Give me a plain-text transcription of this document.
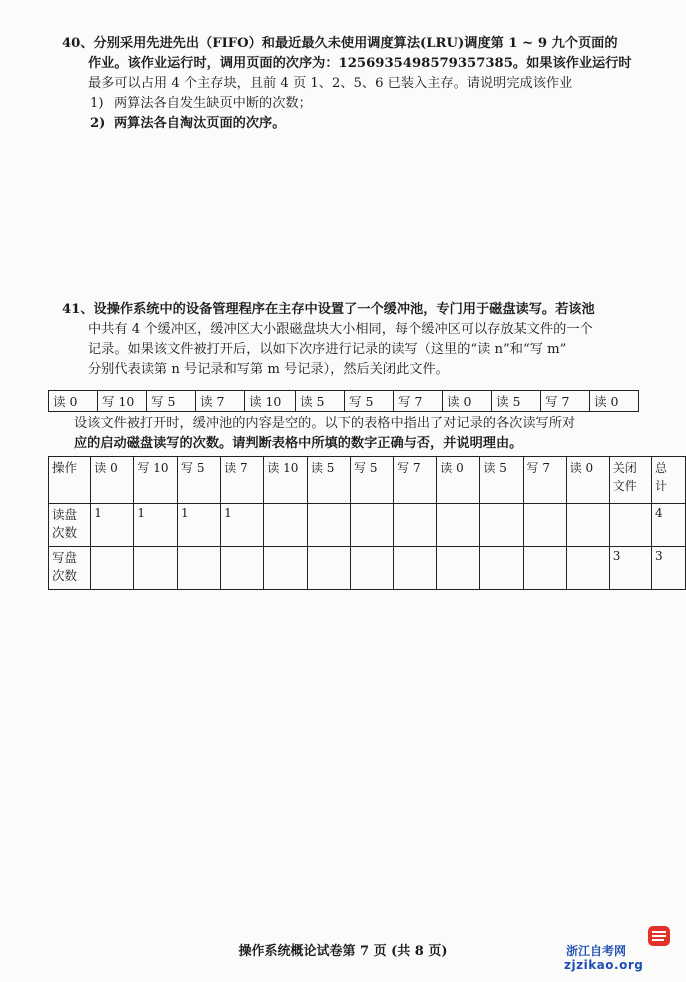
40、分别采用先进先出（FIFO）和最近最久未使用调度算法(LRU)调度第 1 ~ 9 九个页面的
作业。该作业运行时，调用页面的次序为：1256935498579357385。如果该作业运行时
最多可以占用 4 个主存块，且前 4 页 1、2、5、6 已装入主存。请说明完成该作业
1) 两算法各自发生缺页中断的次数；
2) 两算法各自淘汰页面的次序。
41、设操作系统中的设备管理程序在主存中设置了一个缓冲池，专门用于磁盘读写。若该池
中共有 4 个缓冲区，缓冲区大小跟磁盘块大小相同，每个缓冲区可以存放某文件的一个
记录。如果该文件被打开后，以如下次序进行记录的读写（这里的“读 n”和“写 m”
分别代表读第 n 号记录和写第 m 号记录），然后关闭此文件。
读 0	写 10	写 5	读 7	读 10	读 5	写 5	写 7	读 0	读 5	写 7	读 0
设该文件被打开时，缓冲池的内容是空的。以下的表格中指出了对记录的各次读写所对
应的启动磁盘读写的次数。请判断表格中所填的数字正确与否，并说明理由。
操作	读 0	写 10	写 5	读 7	读 10	读 5	写 5	写 7	读 0	读 5	写 7	读 0	关闭
文件	总
计
读盘
次数	1	1	1	1										4
写盘
次数													3	3
操作系统概论试卷第 7 页 (共 8 页)	浙江自考网
zjzikao.org
